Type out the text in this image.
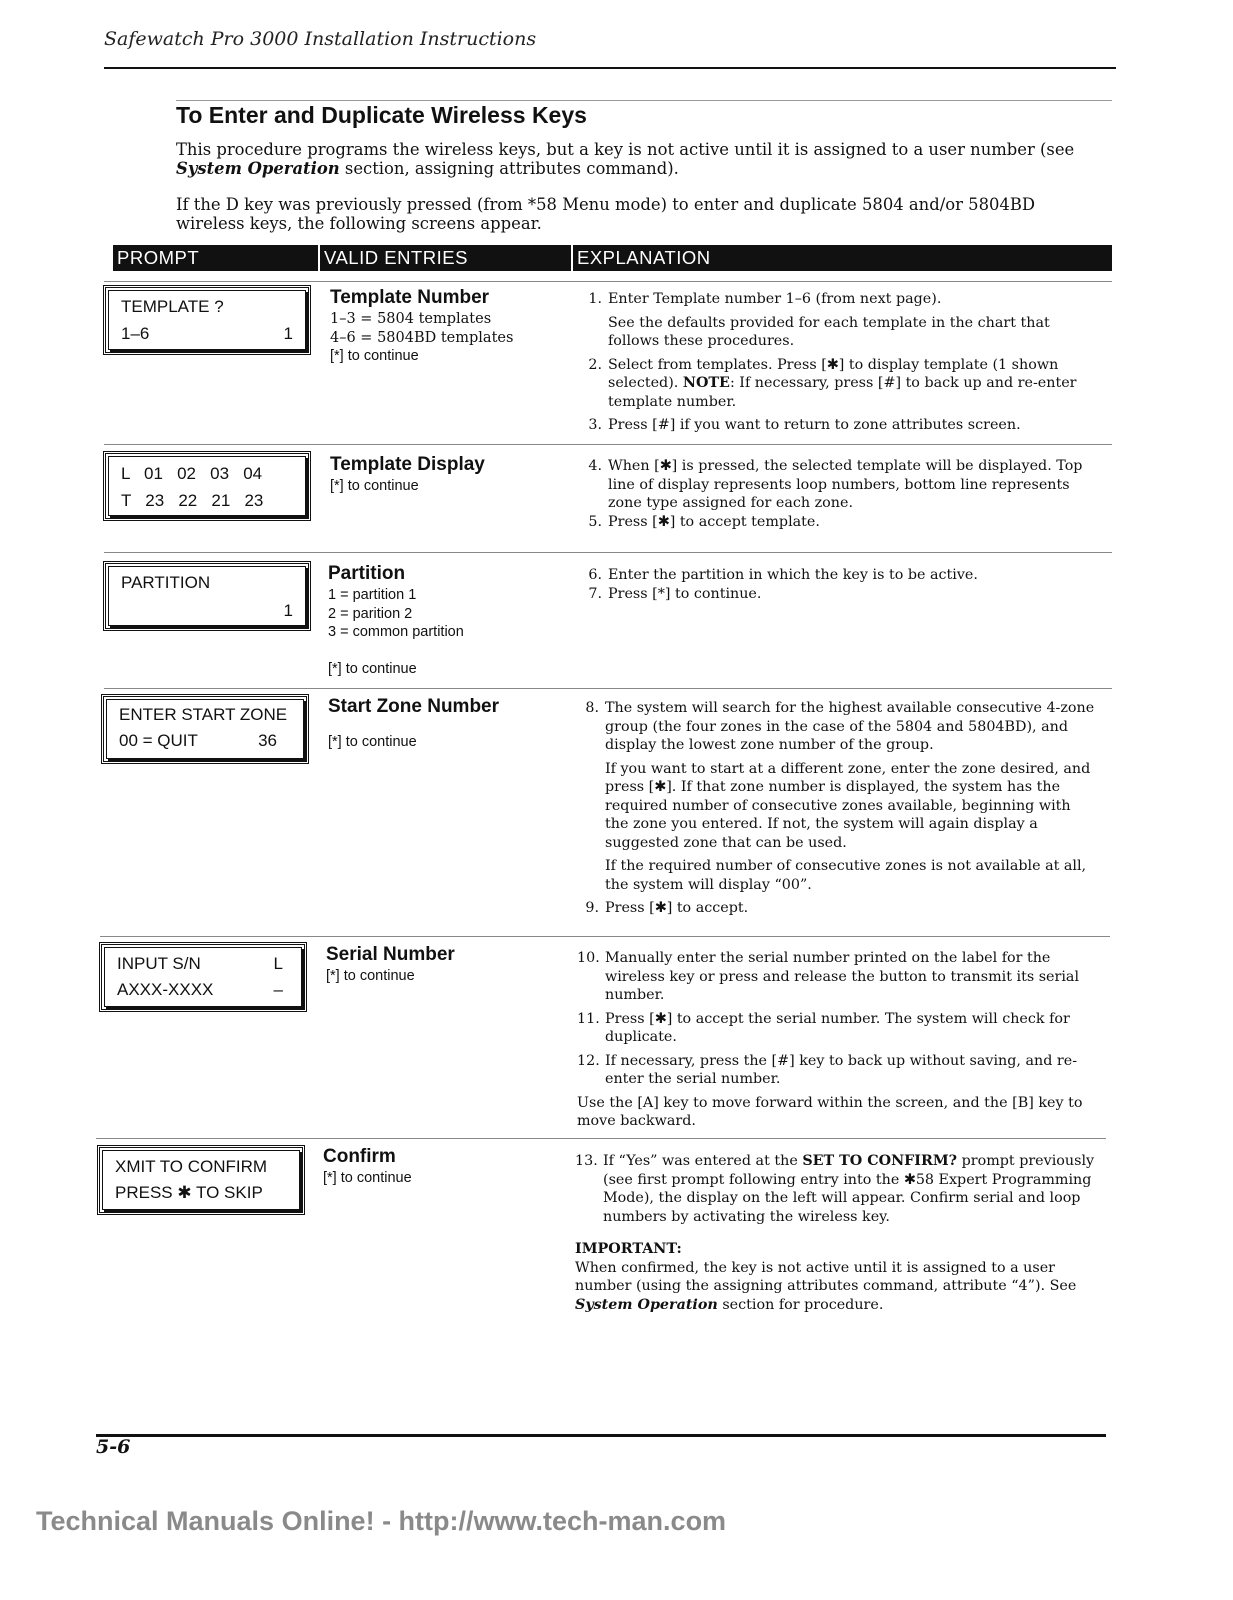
Safewatch Pro 3000 Installation Instructions
To Enter and Duplicate Wireless Keys
This procedure programs the wireless keys, but a key is not active until it is assigned to a user number (see System Operation section, assigning attributes command).
If the D key was previously pressed (from *58 Menu mode) to enter and duplicate 5804 and/or 5804BD wireless keys, the following screens appear.
PROMPT	VALID ENTRIES	EXPLANATION
TEMPLATE ?
1–6	1
Template Number
1–3 = 5804 templates
4–6 = 5804BD templates
[*] to continue
1. Enter Template number 1–6 (from next page).
See the defaults provided for each template in the chart that follows these procedures.
2. Select from templates. Press [✱] to display template (1 shown selected). NOTE: If necessary, press [#] to back up and re-enter template number.
3. Press [#] if you want to return to zone attributes screen.
L   01   02   03   04
T   23   22   21   23
Template Display
[*] to continue
4. When [✱] is pressed, the selected template will be displayed. Top line of display represents loop numbers, bottom line represents zone type assigned for each zone.
5. Press [✱] to accept template.
PARTITION
1
Partition
1 = partition 1
2 = parition 2
3 = common partition
[*] to continue
6. Enter the partition in which the key is to be active.
7. Press [*] to continue.
ENTER START ZONE
00 = QUIT	36
Start Zone Number
[*] to continue
8. The system will search for the highest available consecutive 4-zone group (the four zones in the case of the 5804 and 5804BD), and display the lowest zone number of the group.
If you want to start at a different zone, enter the zone desired, and press [✱]. If that zone number is displayed, the system has the required number of consecutive zones available, beginning with the zone you entered. If not, the system will again display a suggested zone that can be used.
If the required number of consecutive zones is not available at all, the system will display “00”.
9. Press [✱] to accept.
INPUT S/N	L
AXXX-XXXX	–
Serial Number
[*] to continue
10. Manually enter the serial number printed on the label for the wireless key or press and release the button to transmit its serial number.
11. Press [✱] to accept the serial number. The system will check for duplicate.
12. If necessary, press the [#] key to back up without saving, and re-enter the serial number.
Use the [A] key to move forward within the screen, and the [B] key to move backward.
XMIT TO CONFIRM
PRESS ✱ TO SKIP
Confirm
[*] to continue
13. If “Yes” was entered at the SET TO CONFIRM? prompt previously (see first prompt following entry into the ✱58 Expert Programming Mode), the display on the left will appear. Confirm serial and loop numbers by activating the wireless key.
IMPORTANT:
When confirmed, the key is not active until it is assigned to a user number (using the assigning attributes command, attribute “4”). See System Operation section for procedure.
5-6
Technical Manuals Online! - http://www.tech-man.com
